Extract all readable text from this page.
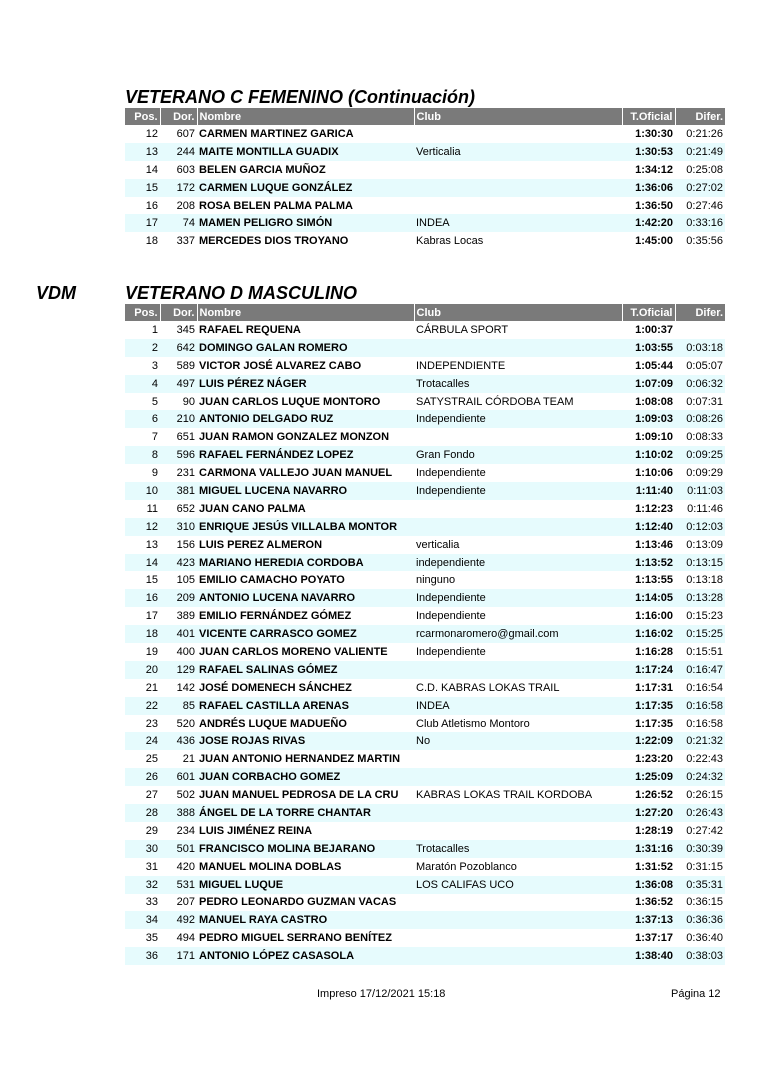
VETERANO C FEMENINO (Continuación)
Pos.	Dor.	Nombre	Club	T.Oficial	Difer.
12	607	CARMEN MARTINEZ GARICA		1:30:30	0:21:26
13	244	MAITE MONTILLA GUADIX	Verticalia	1:30:53	0:21:49
14	603	BELEN GARCIA MUÑOZ		1:34:12	0:25:08
15	172	CARMEN LUQUE GONZÁLEZ		1:36:06	0:27:02
16	208	ROSA BELEN PALMA PALMA		1:36:50	0:27:46
17	74	MAMEN PELIGRO SIMÓN	INDEA	1:42:20	0:33:16
18	337	MERCEDES DIOS TROYANO	Kabras Locas	1:45:00	0:35:56
VDM	VETERANO D MASCULINO
Pos.	Dor.	Nombre	Club	T.Oficial	Difer.
1	345	RAFAEL REQUENA	CÁRBULA SPORT	1:00:37	
2	642	DOMINGO GALAN ROMERO		1:03:55	0:03:18
3	589	VICTOR JOSÉ ALVAREZ CABO	INDEPENDIENTE	1:05:44	0:05:07
4	497	LUIS PÉREZ NÁGER	Trotacalles	1:07:09	0:06:32
5	90	JUAN CARLOS LUQUE MONTORO	SATYSTRAIL CÓRDOBA TEAM	1:08:08	0:07:31
6	210	ANTONIO DELGADO RUZ	Independiente	1:09:03	0:08:26
7	651	JUAN RAMON GONZALEZ MONZON		1:09:10	0:08:33
8	596	RAFAEL FERNÁNDEZ LOPEZ	Gran Fondo	1:10:02	0:09:25
9	231	CARMONA VALLEJO JUAN MANUEL	Independiente	1:10:06	0:09:29
10	381	MIGUEL LUCENA NAVARRO	Independiente	1:11:40	0:11:03
11	652	JUAN CANO PALMA		1:12:23	0:11:46
12	310	ENRIQUE JESÚS VILLALBA MONTOR		1:12:40	0:12:03
13	156	LUIS PEREZ ALMERON	verticalia	1:13:46	0:13:09
14	423	MARIANO HEREDIA CORDOBA	independiente	1:13:52	0:13:15
15	105	EMILIO CAMACHO POYATO	ninguno	1:13:55	0:13:18
16	209	ANTONIO LUCENA NAVARRO	Independiente	1:14:05	0:13:28
17	389	EMILIO FERNÁNDEZ GÓMEZ	Independiente	1:16:00	0:15:23
18	401	VICENTE CARRASCO GOMEZ	rcarmonaromero@gmail.com	1:16:02	0:15:25
19	400	JUAN CARLOS MORENO VALIENTE	Independiente	1:16:28	0:15:51
20	129	RAFAEL SALINAS GÓMEZ		1:17:24	0:16:47
21	142	JOSÉ DOMENECH SÁNCHEZ	C.D. KABRAS LOKAS TRAIL	1:17:31	0:16:54
22	85	RAFAEL CASTILLA ARENAS	INDEA	1:17:35	0:16:58
23	520	ANDRÉS LUQUE MADUEÑO	Club Atletismo Montoro	1:17:35	0:16:58
24	436	JOSE ROJAS RIVAS	No	1:22:09	0:21:32
25	21	JUAN ANTONIO HERNANDEZ MARTIN		1:23:20	0:22:43
26	601	JUAN CORBACHO GOMEZ		1:25:09	0:24:32
27	502	JUAN MANUEL PEDROSA DE LA CRU	KABRAS LOKAS TRAIL KORDOBA	1:26:52	0:26:15
28	388	ÁNGEL DE LA TORRE CHANTAR		1:27:20	0:26:43
29	234	LUIS JIMÉNEZ REINA		1:28:19	0:27:42
30	501	FRANCISCO MOLINA BEJARANO	Trotacalles	1:31:16	0:30:39
31	420	MANUEL MOLINA DOBLAS	Maratón Pozoblanco	1:31:52	0:31:15
32	531	MIGUEL LUQUE	LOS CALIFAS UCO	1:36:08	0:35:31
33	207	PEDRO LEONARDO GUZMAN VACAS		1:36:52	0:36:15
34	492	MANUEL RAYA CASTRO		1:37:13	0:36:36
35	494	PEDRO MIGUEL SERRANO BENÍTEZ		1:37:17	0:36:40
36	171	ANTONIO LÓPEZ CASASOLA		1:38:40	0:38:03
Impreso 17/12/2021 15:18	Página 12
